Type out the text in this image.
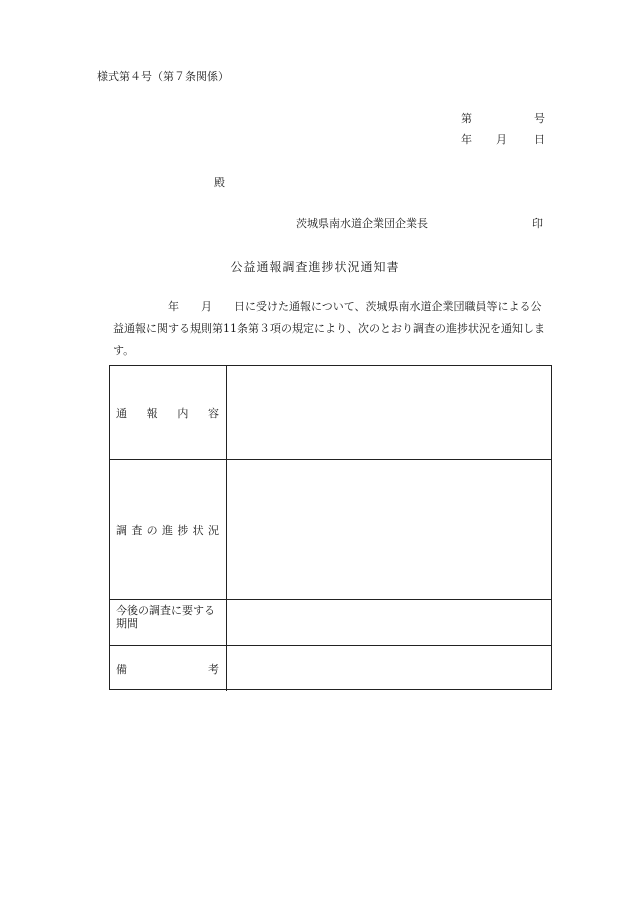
様式第４号（第７条関係）
第	号
年 月 日
殿
茨城県南水道企業団企業長	印
公益通報調査進捗状況通知書
　　　　　年　　月　　日に受けた通報について、茨城県南水道企業団職員等による公
益通報に関する規則第11条第３項の規定により、次のとおり調査の進捗状況を通知しま
す。
通 報 内 容
調 査 の 進 捗 状 況
今後の調査に要する
期間
備	考
